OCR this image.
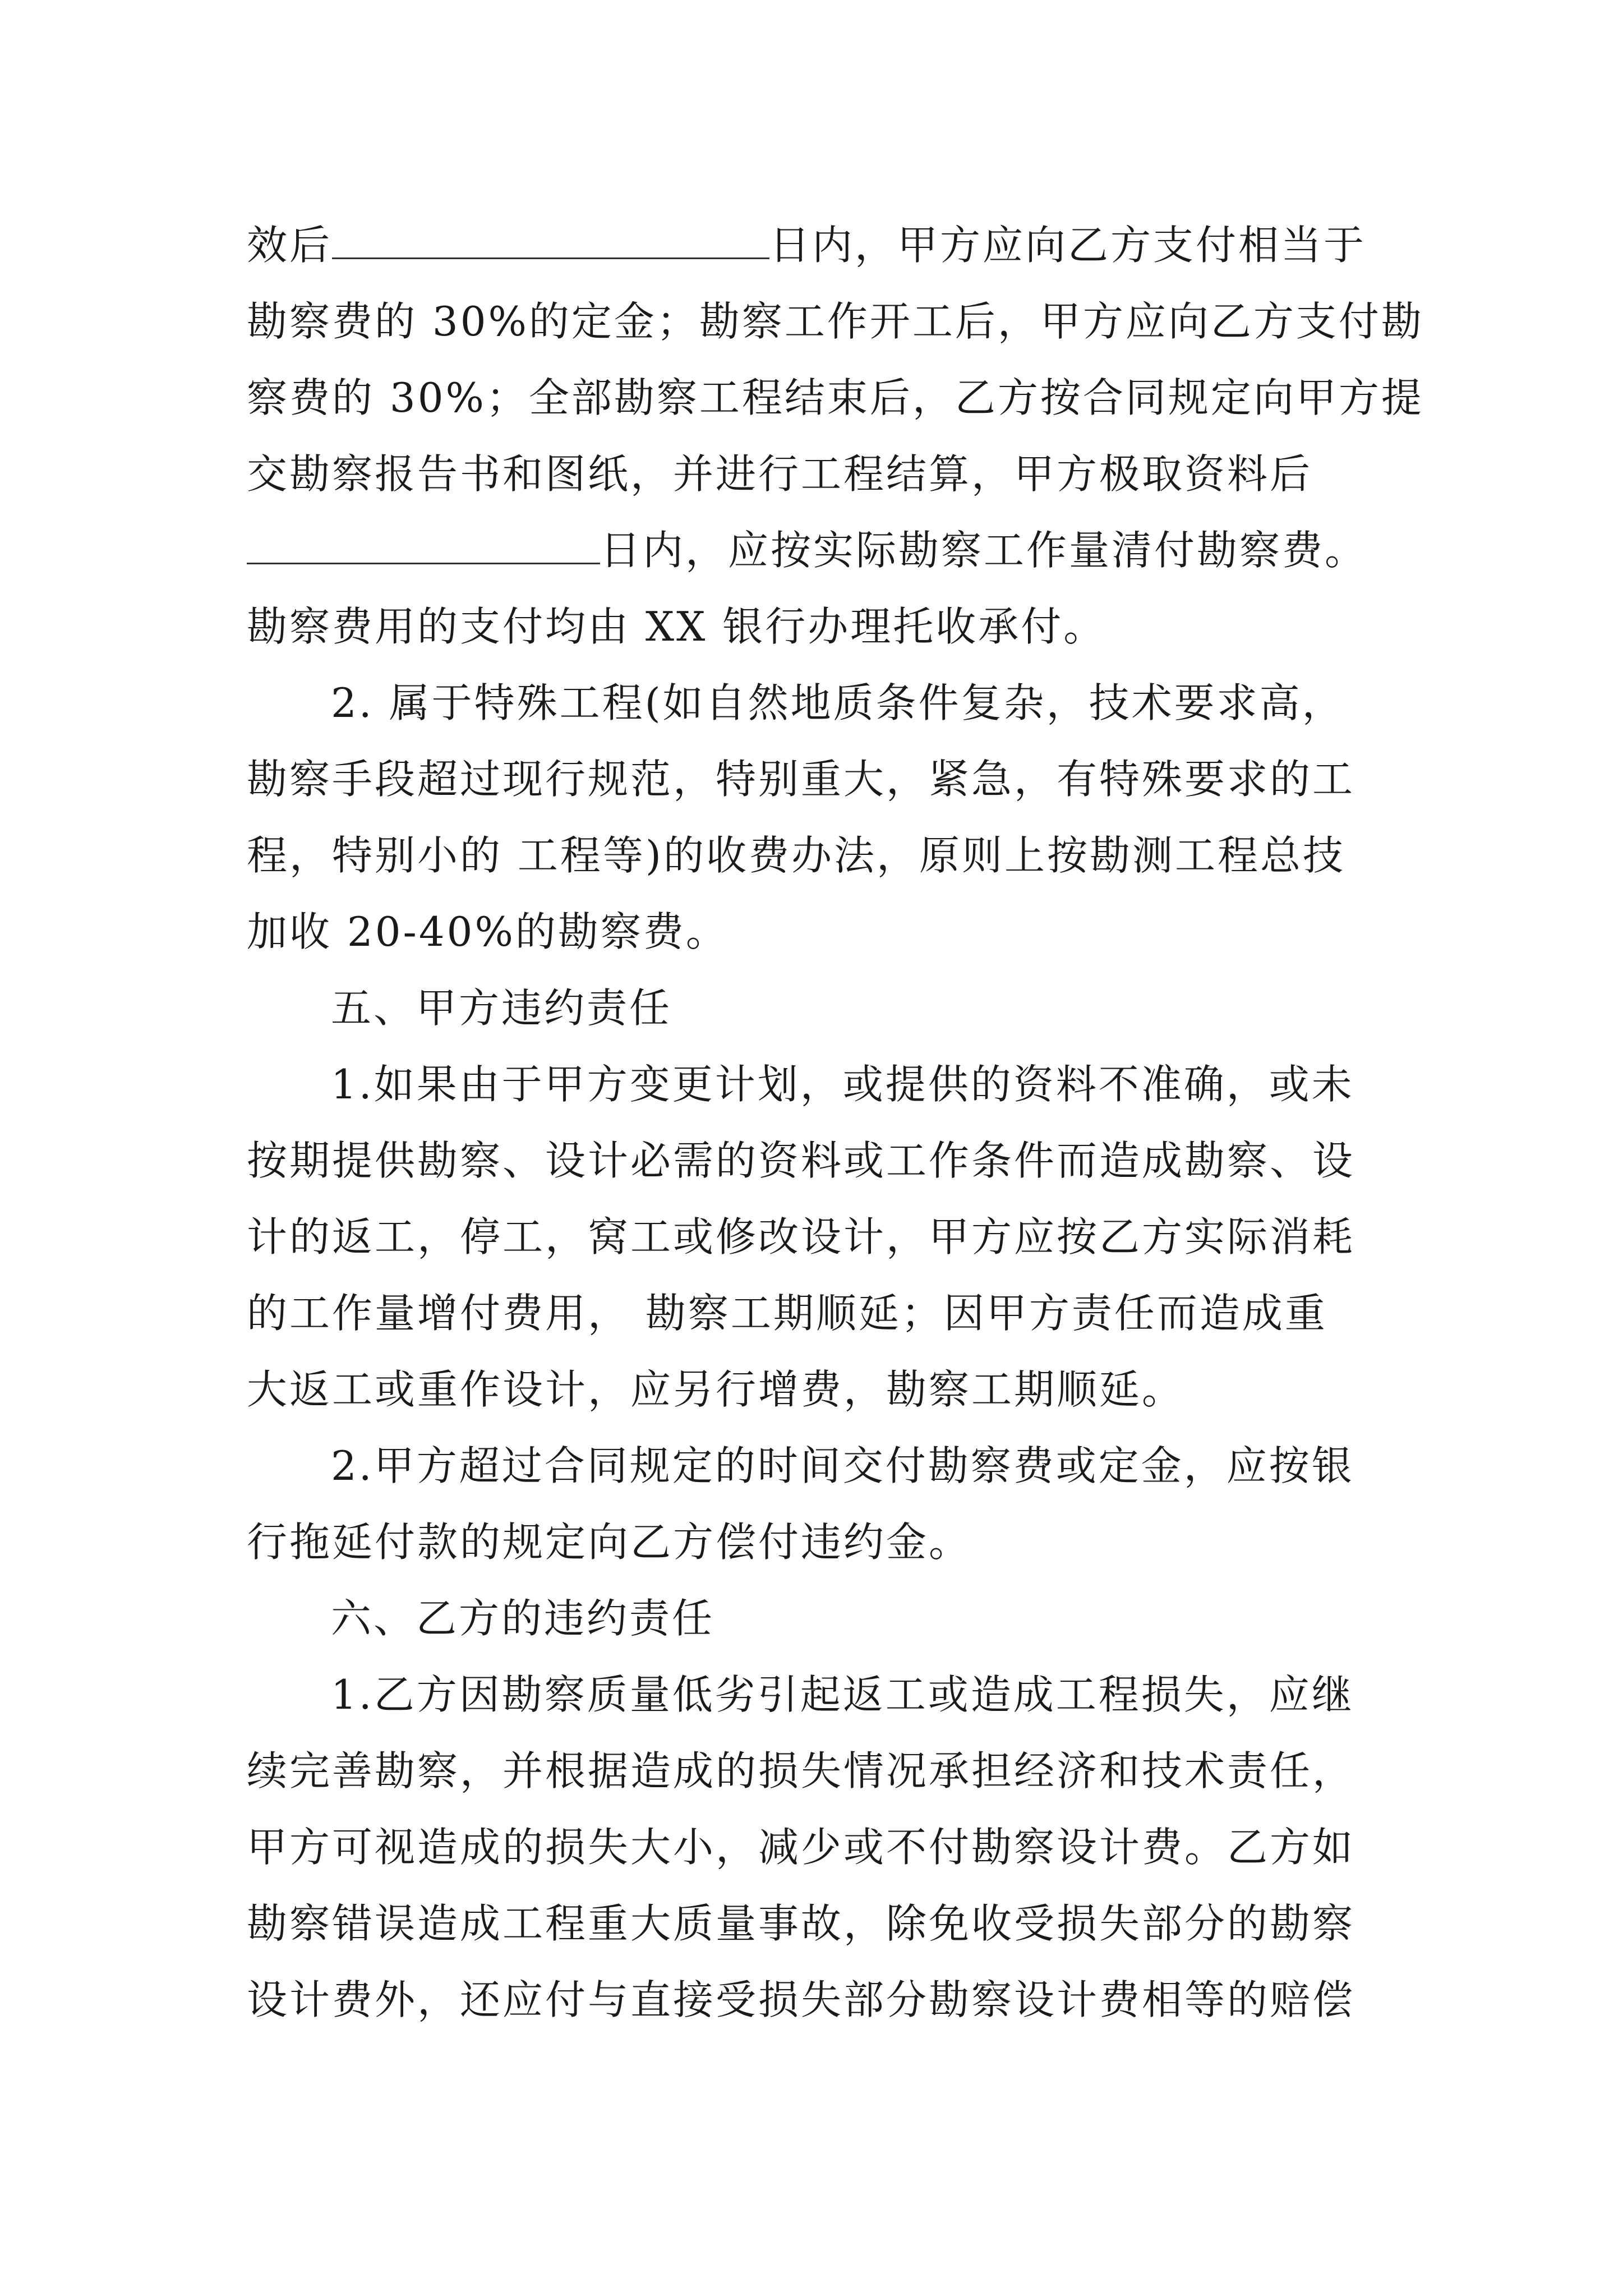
效后	日内，甲方应向乙方支付相当于
勘察费的 30%的定金；勘察工作开工后，甲方应向乙方支付勘
察费的 30%；全部勘察工程结束后，乙方按合同规定向甲方提
交勘察报告书和图纸，并进行工程结算，甲方极取资料后
日内，应按实际勘察工作量清付勘察费。
勘察费用的支付均由 XX 银行办理托收承付。
2. 属于特殊工程(如自然地质条件复杂，技术要求高，
勘察手段超过现行规范，特别重大，紧急，有特殊要求的工
程，特别小的 工程等)的收费办法，原则上按勘测工程总技
加收 20-40%的勘察费。
五、甲方违约责任
1.如果由于甲方变更计划，或提供的资料不准确，或未
按期提供勘察、设计必需的资料或工作条件而造成勘察、设
计的返工，停工，窝工或修改设计，甲方应按乙方实际消耗
的工作量增付费用， 勘察工期顺延；因甲方责任而造成重
大返工或重作设计，应另行增费，勘察工期顺延。
2.甲方超过合同规定的时间交付勘察费或定金，应按银
行拖延付款的规定向乙方偿付违约金。
六、乙方的违约责任
1.乙方因勘察质量低劣引起返工或造成工程损失，应继
续完善勘察，并根据造成的损失情况承担经济和技术责任，
甲方可视造成的损失大小，减少或不付勘察设计费。乙方如
勘察错误造成工程重大质量事故，除免收受损失部分的勘察
设计费外，还应付与直接受损失部分勘察设计费相等的赔偿
